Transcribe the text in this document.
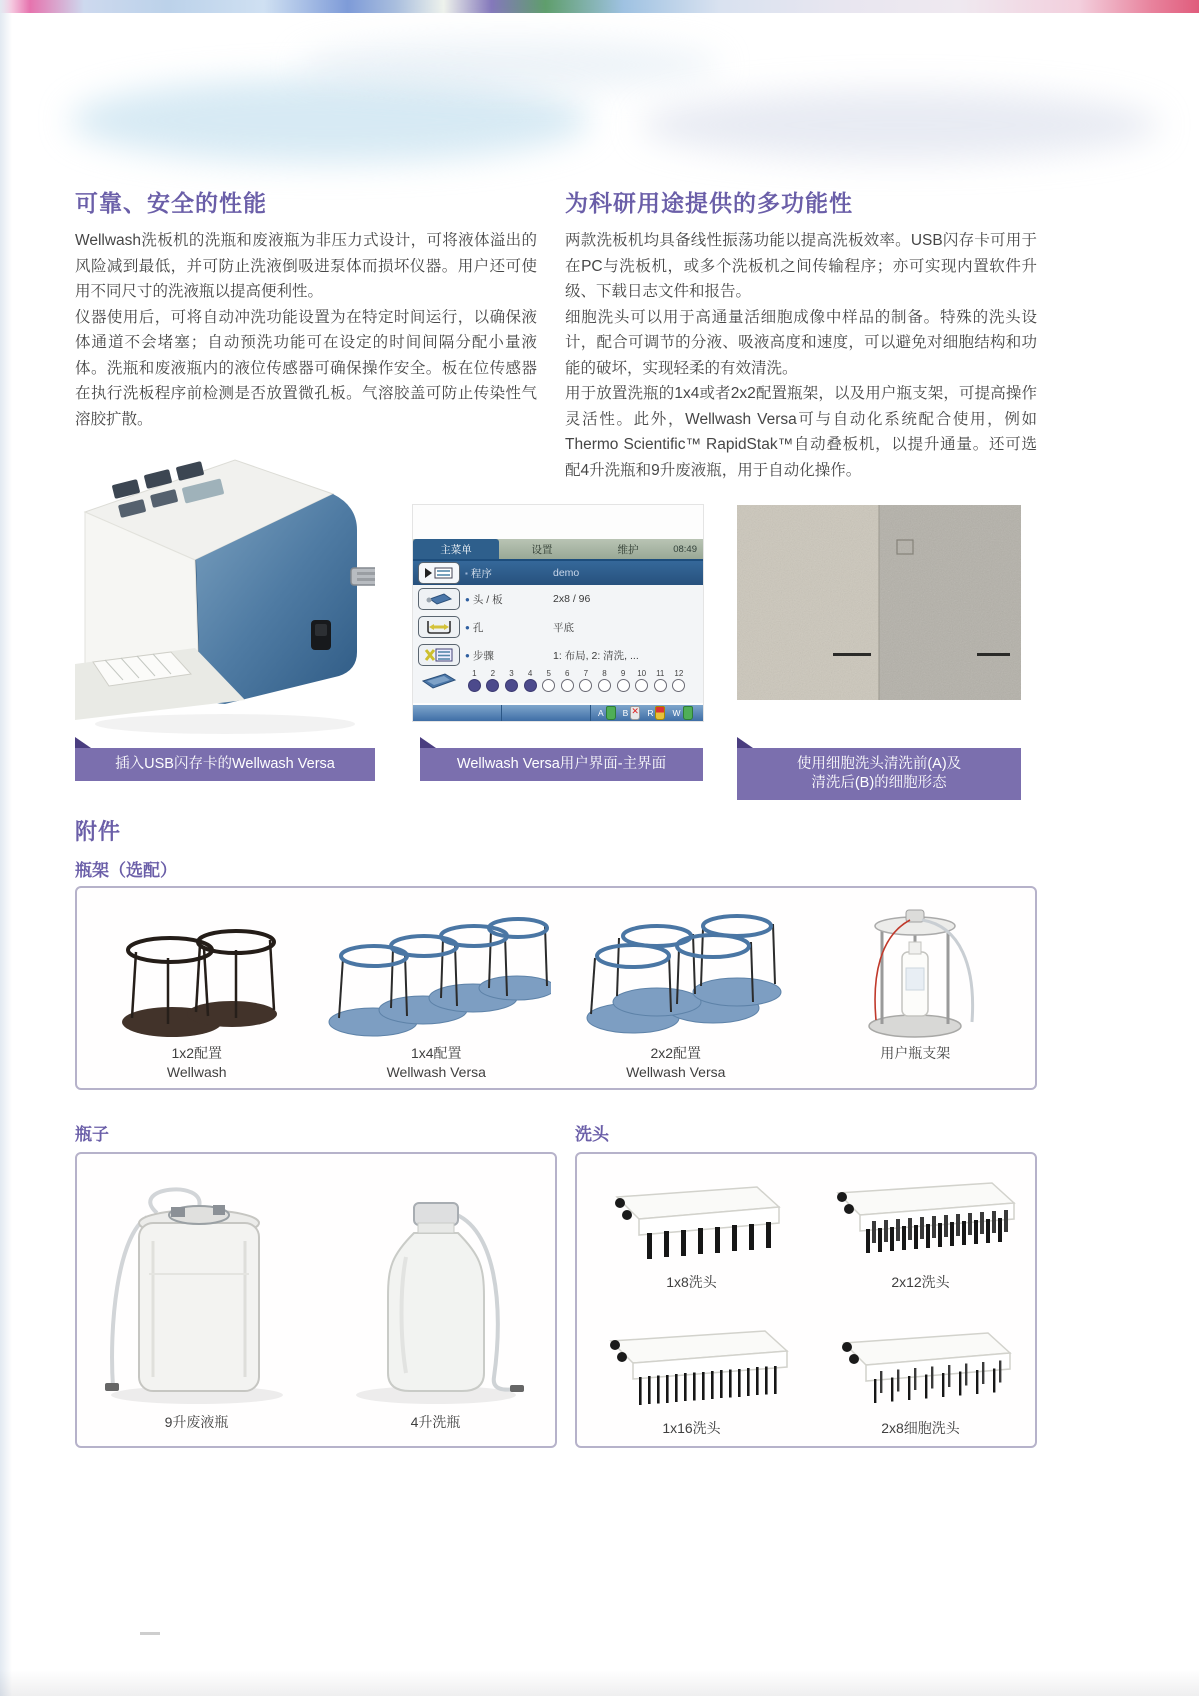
可靠、安全的性能

Wellwash洗板机的洗瓶和废液瓶为非压力式设计，可将液体溢出的风险减到最低，并可防止洗液倒吸进泵体而损坏仪器。用户还可使用不同尺寸的洗液瓶以提高便利性。

仪器使用后，可将自动冲洗功能设置为在特定时间运行，以确保液体通道不会堵塞；自动预洗功能可在设定的时间间隔分配小量液体。洗瓶和废液瓶内的液位传感器可确保操作安全。板在位传感器在执行洗板程序前检测是否放置微孔板。气溶胶盖可防止传染性气溶胶扩散。

为科研用途提供的多功能性

两款洗板机均具备线性振荡功能以提高洗板效率。USB闪存卡可用于在PC与洗板机，或多个洗板机之间传输程序；亦可实现内置软件升级、下载日志文件和报告。

细胞洗头可以用于高通量活细胞成像中样品的制备。特殊的洗头设计，配合可调节的分液、吸液高度和速度，可以避免对细胞结构和功能的破坏，实现轻柔的有效清洗。

用于放置洗瓶的1x4或者2x2配置瓶架，以及用户瓶支架，可提高操作灵活性。此外，Wellwash Versa可与自动化系统配合使用，例如Thermo Scientific™ RapidStak™自动叠板机，以提升通量。还可选配4升洗瓶和9升废液瓶，用于自动化操作。

主菜单	设置	维护	08:49
▪ 程序	demo
● 头 / 板	2x8 / 96
● 孔	平底
● 步骤	1: 布局, 2: 清洗, ...
1 2 3 4 5 6 7 8 9 10 11 12
A B ✕ R W
插入USB闪存卡的Wellwash Versa	Wellwash Versa用户界面-主界面	使用细胞洗头清洗前(A)及
清洗后(B)的细胞形态
附件
瓶架（选配）
1x2配置
Wellwash
1x4配置
Wellwash Versa
2x2配置
Wellwash Versa
用户瓶支架
瓶子
9升废液瓶	4升洗瓶
洗头
1x8洗头	2x12洗头
1x16洗头	2x8细胞洗头
